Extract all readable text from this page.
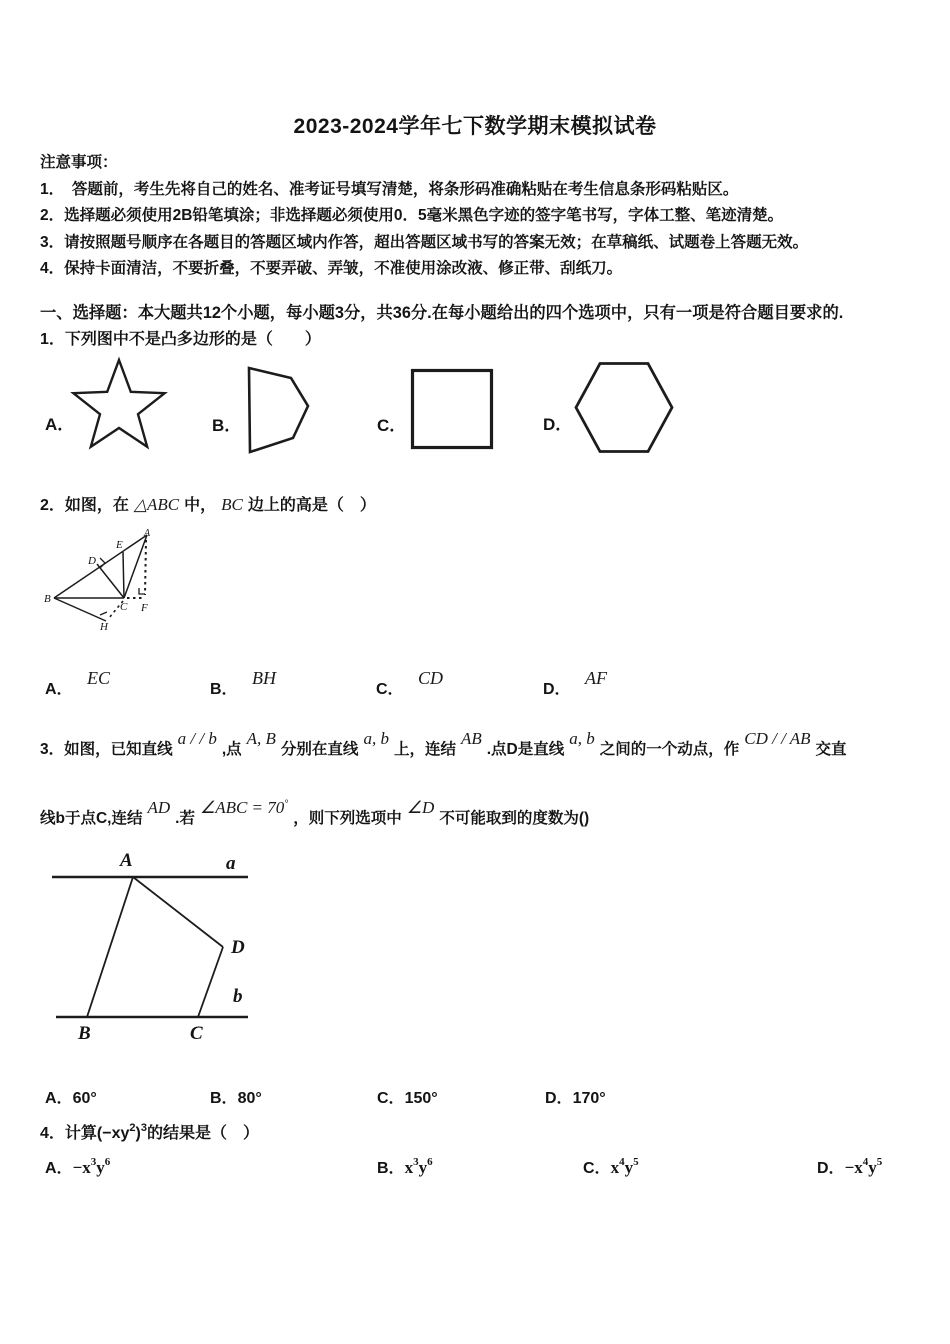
2023-2024学年七下数学期末模拟试卷
注意事项：
1．　答题前，考生先将自己的姓名、准考证号填写清楚，将条形码准确粘贴在考生信息条形码粘贴区。
2．选择题必须使用2B铅笔填涂；非选择题必须使用0．5毫米黑色字迹的签字笔书写，字体工整、笔迹清楚。
3．请按照题号顺序在各题目的答题区域内作答，超出答题区域书写的答案无效；在草稿纸、试题卷上答题无效。
4．保持卡面清洁，不要折叠，不要弄破、弄皱，不准使用涂改液、修正带、刮纸刀。
一、选择题：本大题共12个小题，每小题3分，共36分.在每小题给出的四个选项中，只有一项是符合题目要求的.
1．下列图中不是凸多边形的是（　　）
A．	B．	C．	D．
2．如图，在 △ABC 中， BC 边上的高是（　）
A
B
C
D
E
F
H
A． EC
B． BH
C． CD
D． AF
3．如图，已知直线a / / b,点A, B分别在直线a, b上，连结AB.点D是直线a, b之间的一个动点，作CD / / AB交直
线b于点C,连结AD.若∠ABC = 70°，则下列选项中∠D不可能取到的度数为()
A	a
B	C
b
D
A．60°	B．80°	C．150°	D．170°
4．计算$(-xy^2)^3$的结果是（　）
A．$-x^3y^6$	B．$x^3y^6$	C．$x^4y^5$	D．$-x^4y^5$
